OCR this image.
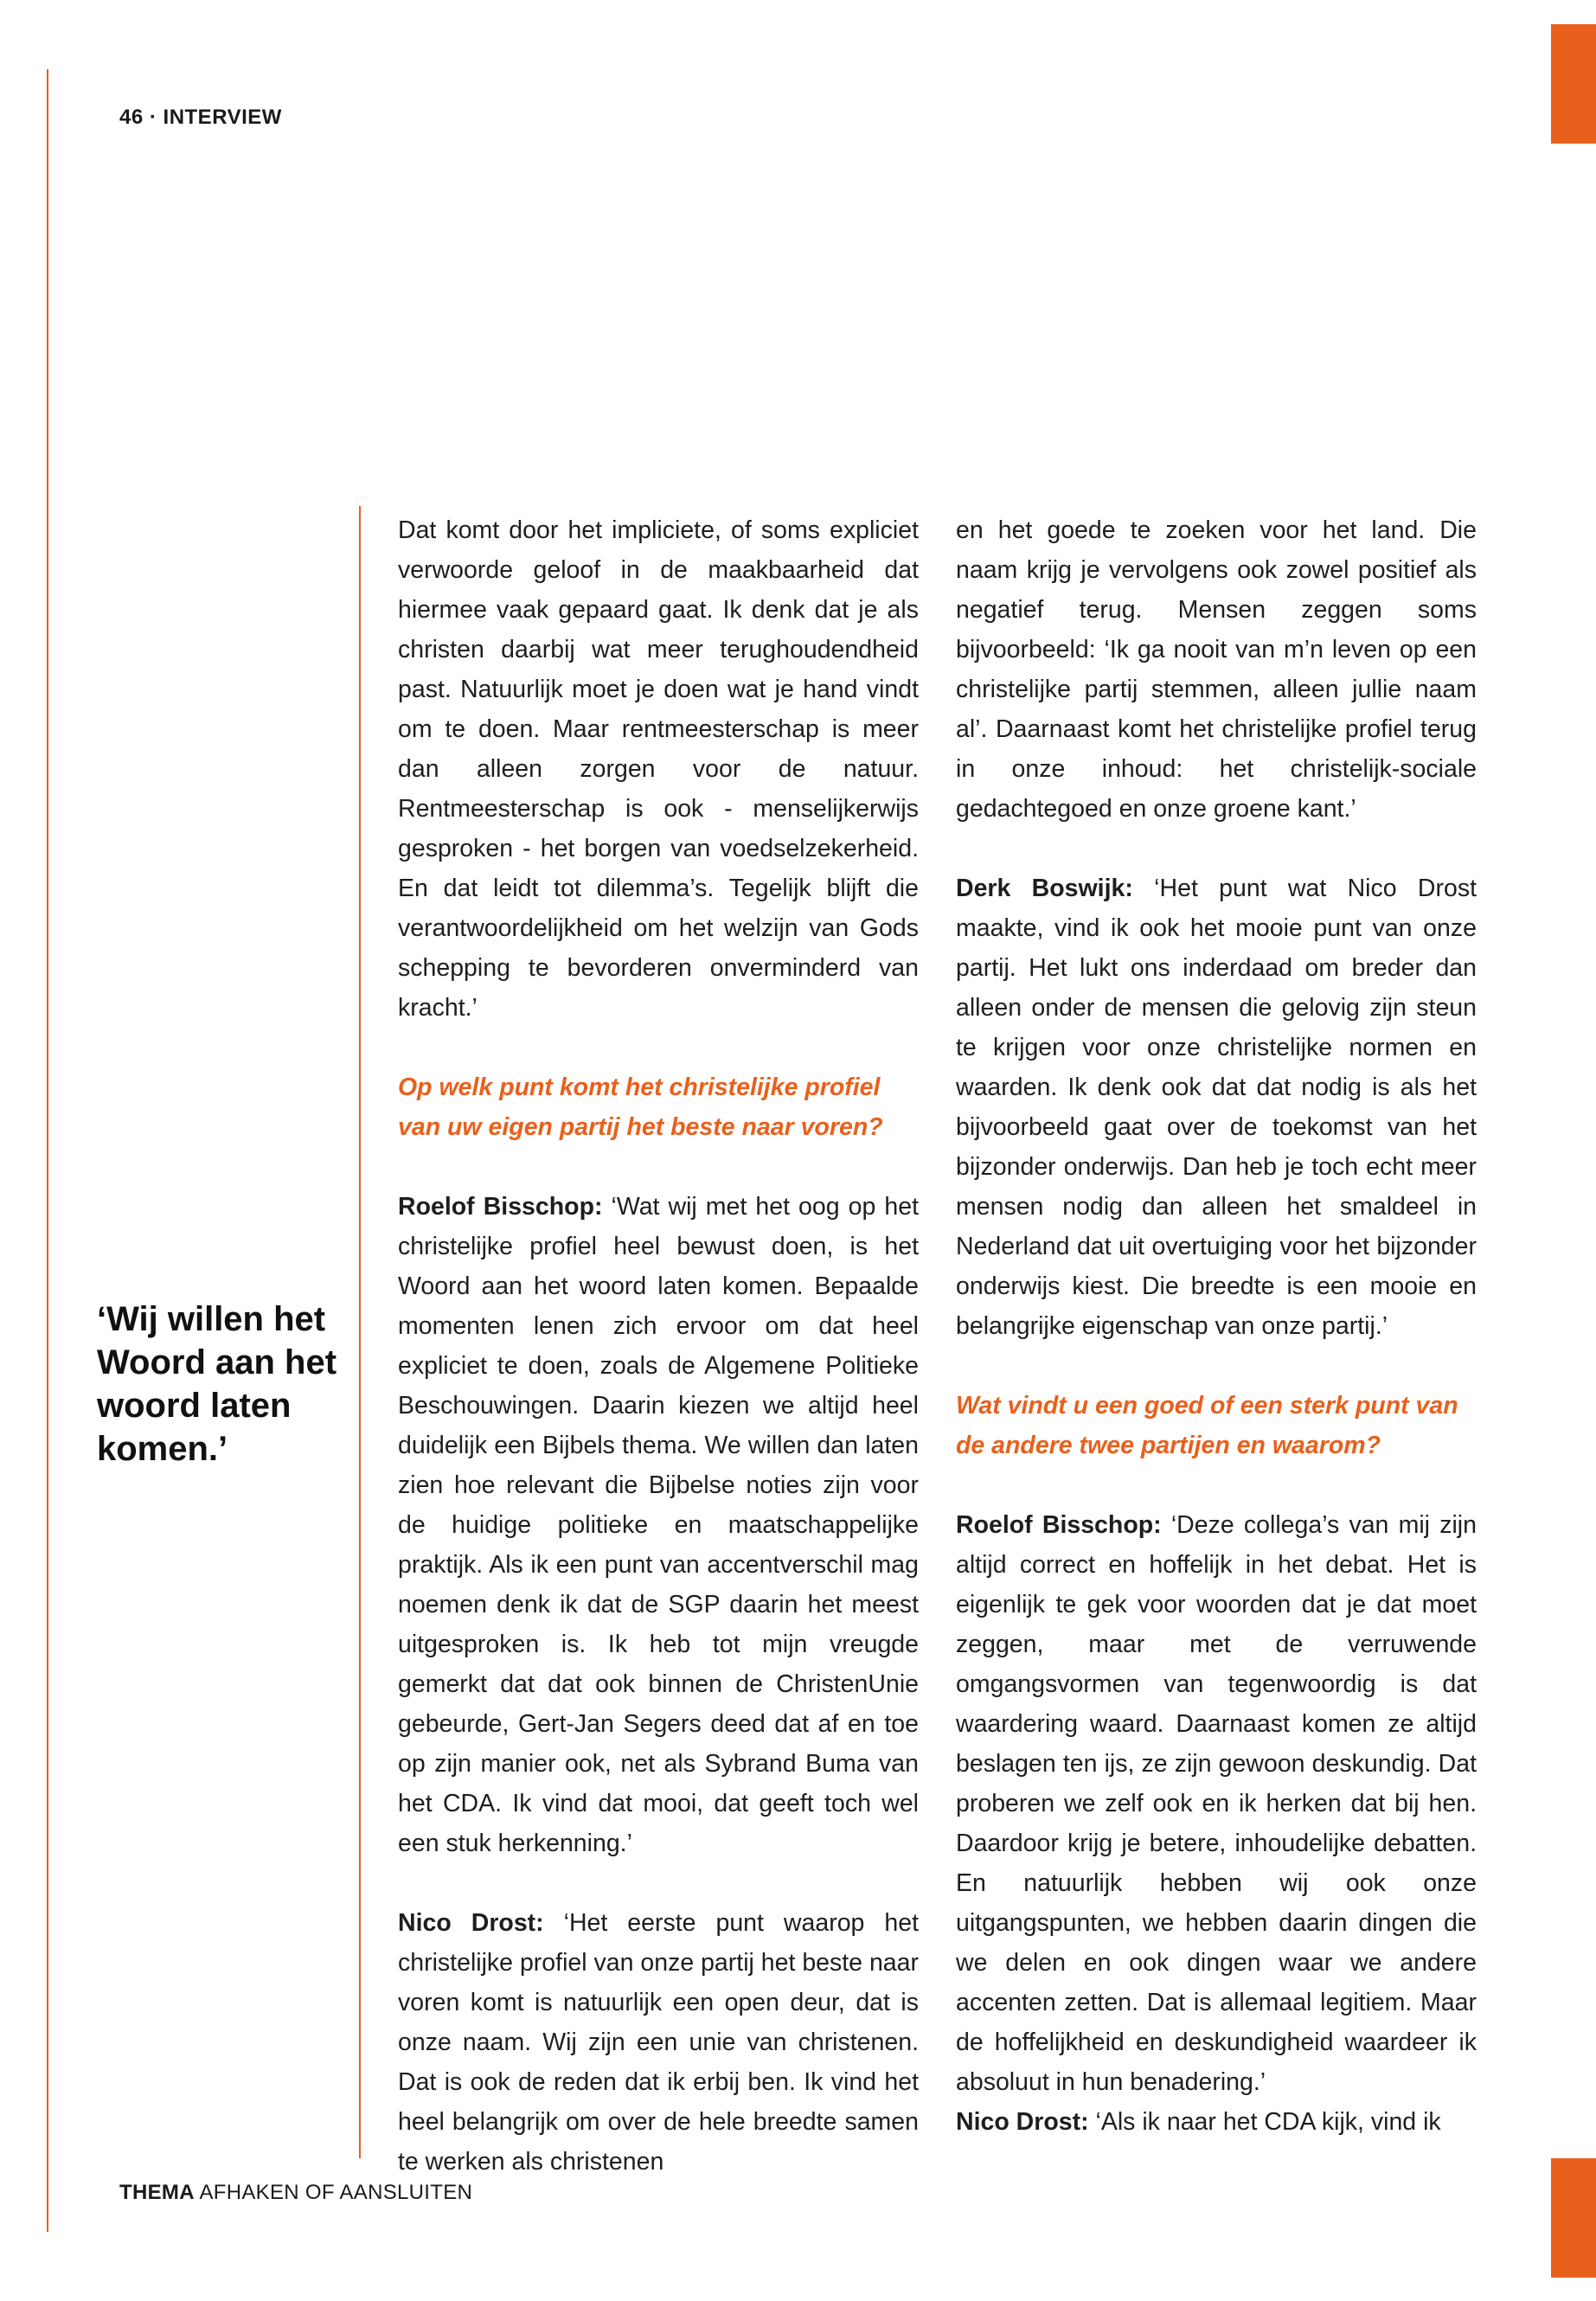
46 · INTERVIEW
‘Wij willen het Woord aan het woord laten komen.’

Dat komt door het impliciete, of soms expliciet verwoorde geloof in de maakbaarheid dat hiermee vaak gepaard gaat. Ik denk dat je als christen daarbij wat meer terughoudendheid past. Natuurlijk moet je doen wat je hand vindt om te doen. Maar rentmeesterschap is meer dan alleen zorgen voor de natuur. Rentmeesterschap is ook - menselijkerwijs gesproken - het borgen van voedselzekerheid. En dat leidt tot dilemma’s. Tegelijk blijft die verantwoordelijkheid om het welzijn van Gods schepping te bevorderen onverminderd van kracht.’

Op welk punt komt het christelijke profiel van uw eigen partij het beste naar voren?

Roelof Bisschop: ‘Wat wij met het oog op het christelijke profiel heel bewust doen, is het Woord aan het woord laten komen. Bepaalde momenten lenen zich ervoor om dat heel expliciet te doen, zoals de Algemene Politieke Beschouwingen. Daarin kiezen we altijd heel duidelijk een Bijbels thema. We willen dan laten zien hoe relevant die Bijbelse noties zijn voor de huidige politieke en maatschappelijke praktijk. Als ik een punt van accentverschil mag noemen denk ik dat de SGP daarin het meest uitgesproken is. Ik heb tot mijn vreugde gemerkt dat dat ook binnen de ChristenUnie gebeurde, Gert-Jan Segers deed dat af en toe op zijn manier ook, net als Sybrand Buma van het CDA. Ik vind dat mooi, dat geeft toch wel een stuk herkenning.’

Nico Drost: ‘Het eerste punt waarop het christelijke profiel van onze partij het beste naar voren komt is natuurlijk een open deur, dat is onze naam. Wij zijn een unie van christenen. Dat is ook de reden dat ik erbij ben. Ik vind het heel belangrijk om over de hele breedte samen te werken als christenen

en het goede te zoeken voor het land. Die naam krijg je vervolgens ook zowel positief als negatief terug. Mensen zeggen soms bijvoorbeeld: ‘Ik ga nooit van m’n leven op een christelijke partij stemmen, alleen jullie naam al’. Daarnaast komt het christelijke profiel terug in onze inhoud: het christelijk-sociale gedachtegoed en onze groene kant.’

Derk Boswijk: ‘Het punt wat Nico Drost maakte, vind ik ook het mooie punt van onze partij. Het lukt ons inderdaad om breder dan alleen onder de mensen die gelovig zijn steun te krijgen voor onze christelijke normen en waarden. Ik denk ook dat dat nodig is als het bijvoorbeeld gaat over de toekomst van het bijzonder onderwijs. Dan heb je toch echt meer mensen nodig dan alleen het smaldeel in Nederland dat uit overtuiging voor het bijzonder onderwijs kiest. Die breedte is een mooie en belangrijke eigenschap van onze partij.’

Wat vindt u een goed of een sterk punt van de andere twee partijen en waarom?

Roelof Bisschop: ‘Deze collega’s van mij zijn altijd correct en hoffelijk in het debat. Het is eigenlijk te gek voor woorden dat je dat moet zeggen, maar met de verruwende omgangsvormen van tegenwoordig is dat waardering waard. Daarnaast komen ze altijd beslagen ten ijs, ze zijn gewoon deskundig. Dat proberen we zelf ook en ik herken dat bij hen. Daardoor krijg je betere, inhoudelijke debatten. En natuurlijk hebben wij ook onze uitgangspunten, we hebben daarin dingen die we delen en ook dingen waar we andere accenten zetten. Dat is allemaal legitiem. Maar de hoffelijkheid en deskundigheid waardeer ik absoluut in hun benadering.’

Nico Drost: ‘Als ik naar het CDA kijk, vind ik

THEMA AFHAKEN OF AANSLUITEN
